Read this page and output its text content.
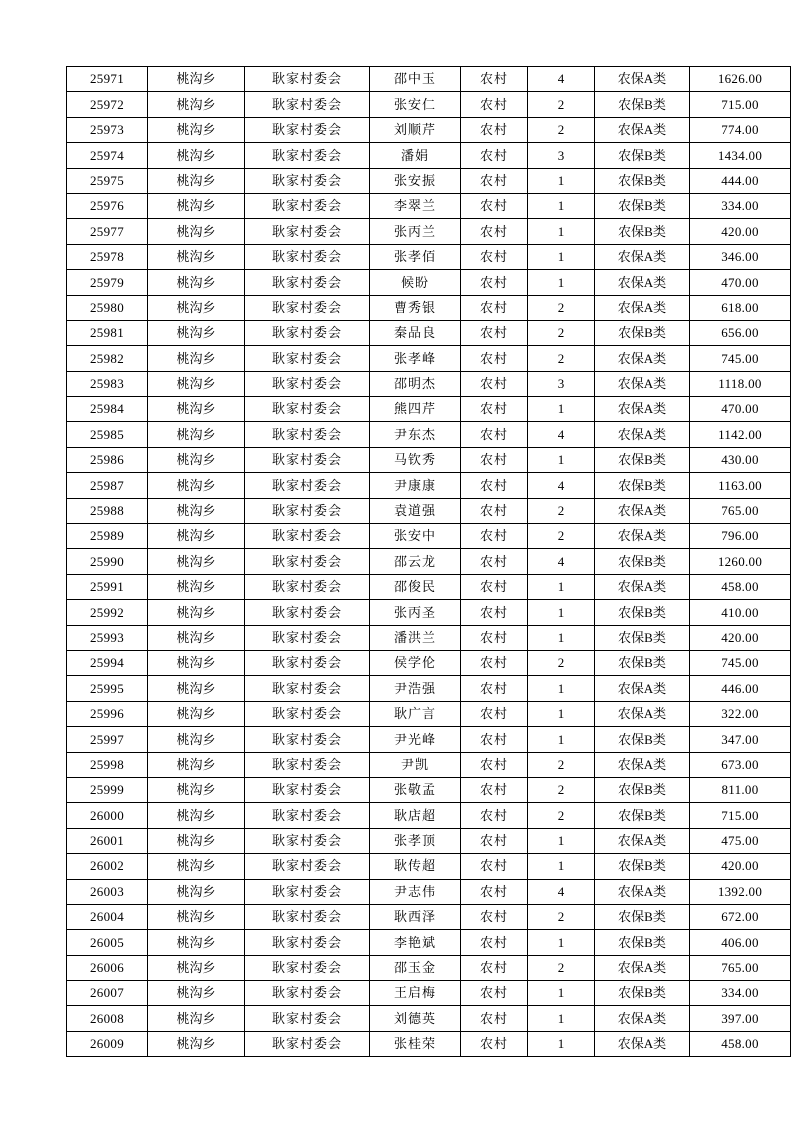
25971	桃沟乡	耿家村委会	邵中玉	农村	4	农保A类	1626.00
25972	桃沟乡	耿家村委会	张安仁	农村	2	农保B类	715.00
25973	桃沟乡	耿家村委会	刘顺芹	农村	2	农保A类	774.00
25974	桃沟乡	耿家村委会	潘娟	农村	3	农保B类	1434.00
25975	桃沟乡	耿家村委会	张安振	农村	1	农保B类	444.00
25976	桃沟乡	耿家村委会	李翠兰	农村	1	农保B类	334.00
25977	桃沟乡	耿家村委会	张丙兰	农村	1	农保B类	420.00
25978	桃沟乡	耿家村委会	张孝佰	农村	1	农保A类	346.00
25979	桃沟乡	耿家村委会	候盼	农村	1	农保A类	470.00
25980	桃沟乡	耿家村委会	曹秀银	农村	2	农保A类	618.00
25981	桃沟乡	耿家村委会	秦品良	农村	2	农保B类	656.00
25982	桃沟乡	耿家村委会	张孝峰	农村	2	农保A类	745.00
25983	桃沟乡	耿家村委会	邵明杰	农村	3	农保A类	1118.00
25984	桃沟乡	耿家村委会	熊四芹	农村	1	农保A类	470.00
25985	桃沟乡	耿家村委会	尹东杰	农村	4	农保A类	1142.00
25986	桃沟乡	耿家村委会	马钦秀	农村	1	农保B类	430.00
25987	桃沟乡	耿家村委会	尹康康	农村	4	农保B类	1163.00
25988	桃沟乡	耿家村委会	袁道强	农村	2	农保A类	765.00
25989	桃沟乡	耿家村委会	张安中	农村	2	农保A类	796.00
25990	桃沟乡	耿家村委会	邵云龙	农村	4	农保B类	1260.00
25991	桃沟乡	耿家村委会	邵俊民	农村	1	农保A类	458.00
25992	桃沟乡	耿家村委会	张丙圣	农村	1	农保B类	410.00
25993	桃沟乡	耿家村委会	潘洪兰	农村	1	农保B类	420.00
25994	桃沟乡	耿家村委会	侯学伦	农村	2	农保B类	745.00
25995	桃沟乡	耿家村委会	尹浩强	农村	1	农保A类	446.00
25996	桃沟乡	耿家村委会	耿广言	农村	1	农保A类	322.00
25997	桃沟乡	耿家村委会	尹光峰	农村	1	农保B类	347.00
25998	桃沟乡	耿家村委会	尹凯	农村	2	农保A类	673.00
25999	桃沟乡	耿家村委会	张敬孟	农村	2	农保B类	811.00
26000	桃沟乡	耿家村委会	耿店超	农村	2	农保B类	715.00
26001	桃沟乡	耿家村委会	张孝顶	农村	1	农保A类	475.00
26002	桃沟乡	耿家村委会	耿传超	农村	1	农保B类	420.00
26003	桃沟乡	耿家村委会	尹志伟	农村	4	农保A类	1392.00
26004	桃沟乡	耿家村委会	耿西泽	农村	2	农保B类	672.00
26005	桃沟乡	耿家村委会	李艳斌	农村	1	农保B类	406.00
26006	桃沟乡	耿家村委会	邵玉金	农村	2	农保A类	765.00
26007	桃沟乡	耿家村委会	王启梅	农村	1	农保B类	334.00
26008	桃沟乡	耿家村委会	刘德英	农村	1	农保A类	397.00
26009	桃沟乡	耿家村委会	张桂荣	农村	1	农保A类	458.00
